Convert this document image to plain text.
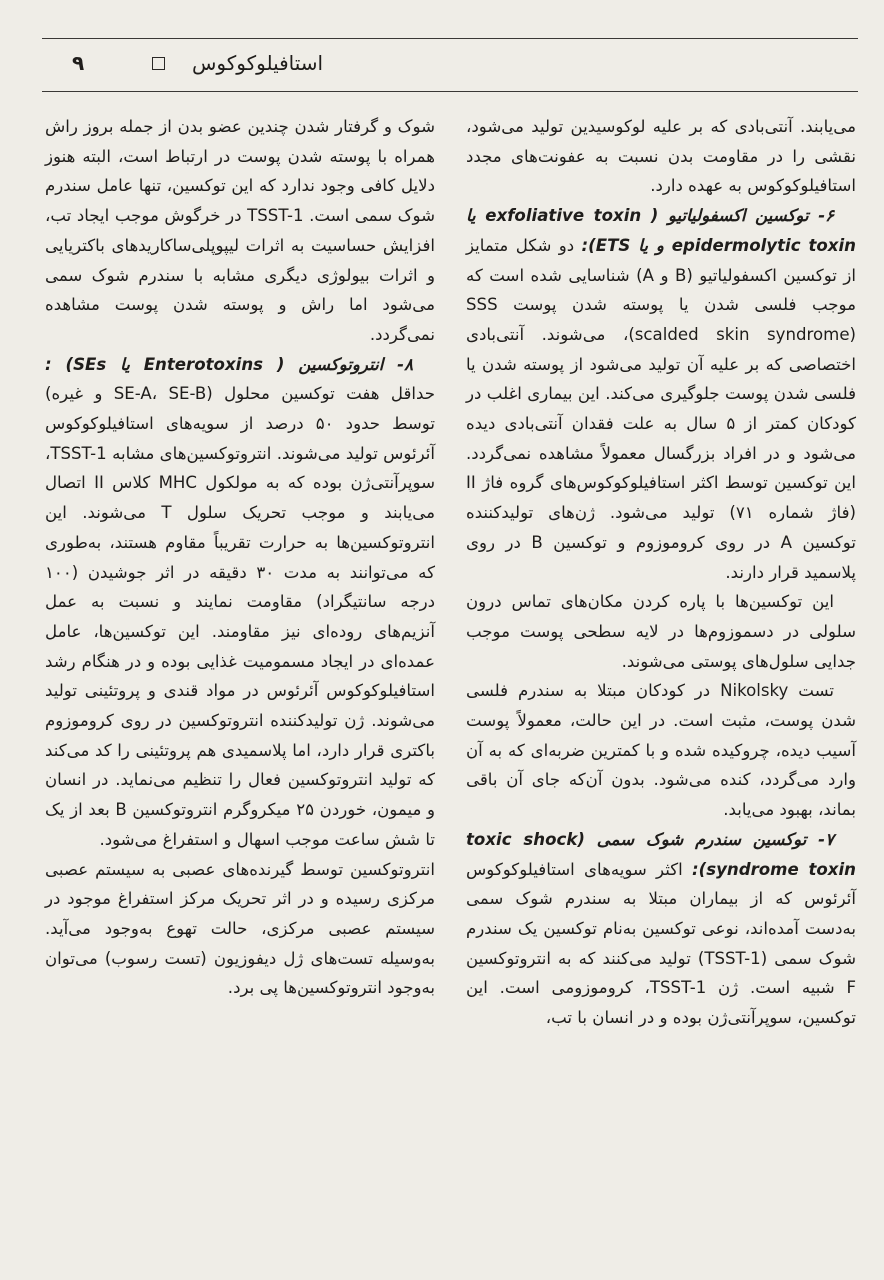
۹	استافیلوکوکوس

می‌یابند. آنتی‌بادی که بر علیه لوکوسیدین تولید می‌شود، نقشی را در مقاومت بدن نسبت به عفونت‌های مجدد استافیلوکوکوس به عهده دارد.

۶- توکسین اکسفولیاتیو ( exfoliative toxin یا epidermolytic toxin و یا ETS): دو شکل متمایز از توکسین اکسفولیاتیو (B و A) شناسایی شده است که موجب فلسی شدن یا پوسته شدن پوست SSS (scalded skin syndrome)، می‌شوند. آنتی‌بادی اختصاصی که بر علیه آن تولید می‌شود از پوسته شدن یا فلسی شدن پوست جلوگیری می‌کند. این بیماری اغلب در کودکان کمتر از ۵ سال به علت فقدان آنتی‌بادی دیده می‌شود و در افراد بزرگسال معمولاً مشاهده نمی‌گردد. این توکسین توسط اکثر استافیلوکوکوس‌های گروه فاژ II (فاژ شماره ۷۱) تولید می‌شود. ژن‌های تولیدکننده توکسین A در روی کروموزوم و توکسین B در روی پلاسمید قرار دارند.

این توکسین‌ها با پاره کردن مکان‌های تماس درون سلولی در دسموزوم‌ها در لایه سطحی پوست موجب جدایی سلول‌های پوستی می‌شوند.

تست Nikolsky در کودکان مبتلا به سندرم فلسی شدن پوست، مثبت است. در این حالت، معمولاً پوست آسیب دیده، چروکیده شده و با کمترین ضربه‌ای که به آن وارد می‌گردد، کنده می‌شود. بدون آن‌که جای آن باقی بماند، بهبود می‌یابد.

۷- توکسین سندرم شوک سمی (toxic shock syndrome toxin): اکثر سویه‌های استافیلوکوکوس آئرئوس که از بیماران مبتلا به سندرم شوک سمی به‌دست آمده‌اند، نوعی توکسین به‌نام توکسین یک سندرم شوک سمی (TSST-1) تولید می‌کنند که به انتروتوکسین F شبیه است. ژن TSST-1، کروموزومی است. این توکسین، سوپرآنتی‌ژن بوده و در انسان با تب،

شوک و گرفتار شدن چندین عضو بدن از جمله بروز راش همراه با پوسته شدن پوست در ارتباط است، البته هنوز دلایل کافی وجود ندارد که این توکسین، تنها عامل سندرم شوک سمی است. TSST-1 در خرگوش موجب ایجاد تب، افزایش حساسیت به اثرات لیپوپلی‌ساکاریدهای باکتریایی و اثرات بیولوژی دیگری مشابه با سندرم شوک سمی می‌شود اما راش و پوسته شدن پوست مشاهده نمی‌گردد.

۸- انتروتوکسین ( Enterotoxins یا SEs) : حداقل هفت توکسین محلول (SE-A، SE-B و غیره) توسط حدود ۵۰ درصد از سویه‌های استافیلوکوکوس آئرئوس تولید می‌شوند. انتروتوکسین‌های مشابه TSST-1، سوپرآنتی‌ژن بوده که به مولکول MHC کلاس II اتصال می‌یابند و موجب تحریک سلول T می‌شوند. این انتروتوکسین‌ها به حرارت تقریباً مقاوم هستند، به‌طوری که می‌توانند به مدت ۳۰ دقیقه در اثر جوشیدن (۱۰۰ درجه سانتیگراد) مقاومت نمایند و نسبت به عمل آنزیم‌های روده‌ای نیز مقاومند. این توکسین‌ها، عامل عمده‌ای در ایجاد مسمومیت غذایی بوده و در هنگام رشد استافیلوکوکوس آئرئوس در مواد قندی و پروتئینی تولید می‌شوند. ژن تولیدکننده انتروتوکسین در روی کروموزوم باکتری قرار دارد، اما پلاسمیدی هم پروتئینی را کد می‌کند که تولید انتروتوکسین فعال را تنظیم می‌نماید. در انسان و میمون، خوردن ۲۵ میکروگرم انتروتوکسین B بعد از یک تا شش ساعت موجب اسهال و استفراغ می‌شود.

انتروتوکسین توسط گیرنده‌های عصبی به سیستم عصبی مرکزی رسیده و در اثر تحریک مرکز استفراغ موجود در سیستم عصبی مرکزی، حالت تهوع به‌وجود می‌آید. به‌وسیله تست‌های ژل دیفوزیون (تست رسوب) می‌توان به‌وجود انتروتوکسین‌ها پی برد.
